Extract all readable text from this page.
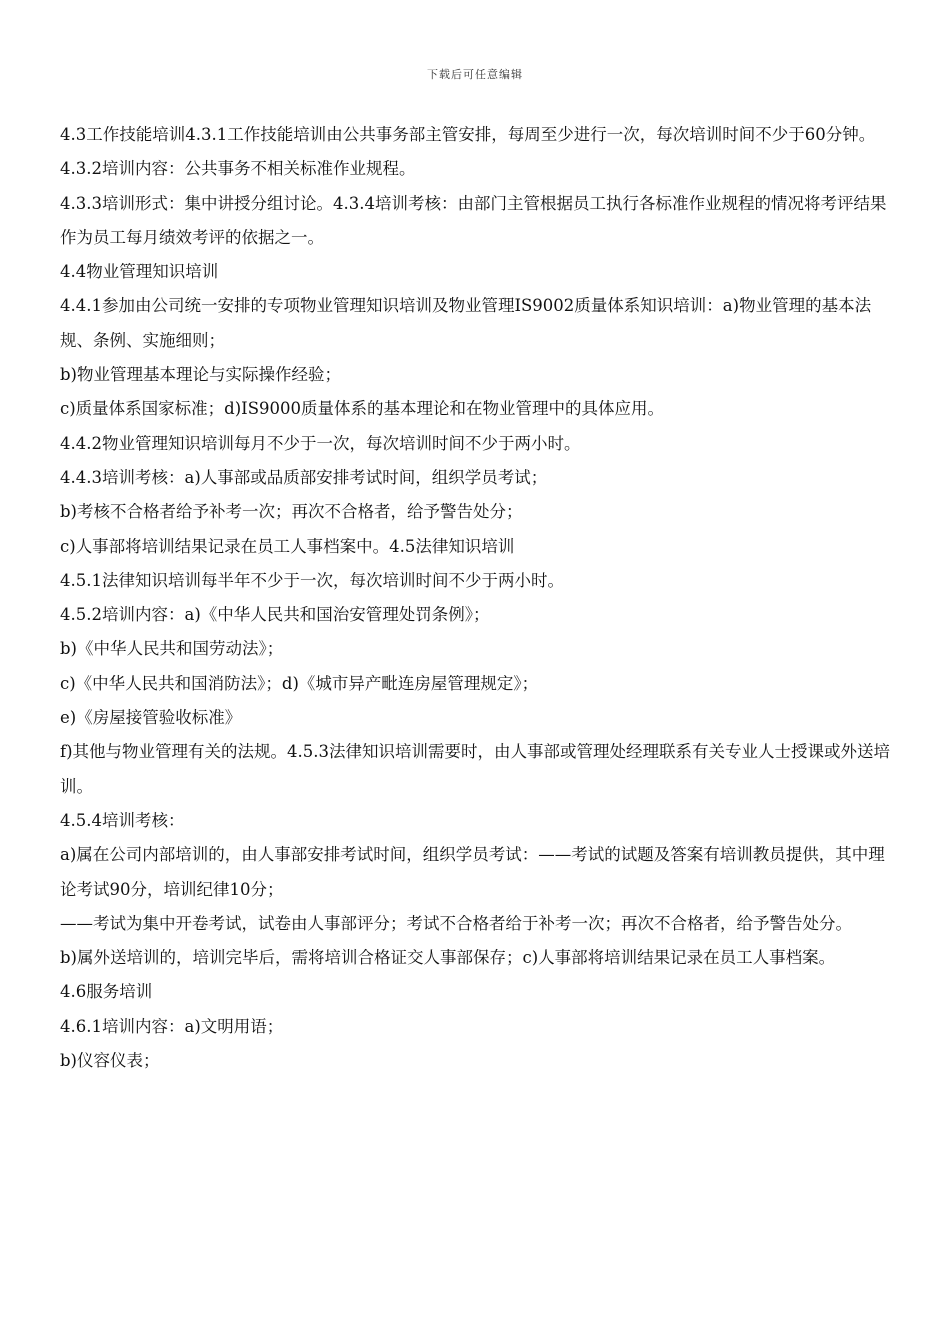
下载后可任意编辑

4.3工作技能培训4.3.1工作技能培训由公共事务部主管安排，每周至少进行一次，每次培训时间不少于60分钟。

4.3.2培训内容：公共事务不相关标准作业规程。

4.3.3培训形式：集中讲授分组讨论。4.3.4培训考核：由部门主管根据员工执行各标准作业规程的情况将考评结果作为员工每月绩效考评的依据之一。

4.4物业管理知识培训

4.4.1参加由公司统一安排的专项物业管理知识培训及物业管理IS9002质量体系知识培训：a)物业管理的基本法规、条例、实施细则；

b)物业管理基本理论与实际操作经验；

c)质量体系国家标准；d)IS9000质量体系的基本理论和在物业管理中的具体应用。

4.4.2物业管理知识培训每月不少于一次，每次培训时间不少于两小时。

4.4.3培训考核：a)人事部或品质部安排考试时间，组织学员考试；

b)考核不合格者给予补考一次；再次不合格者，给予警告处分；

c)人事部将培训结果记录在员工人事档案中。4.5法律知识培训

4.5.1法律知识培训每半年不少于一次，每次培训时间不少于两小时。

4.5.2培训内容：a)《中华人民共和国治安管理处罚条例》；

b)《中华人民共和国劳动法》；

c)《中华人民共和国消防法》；d)《城市异产毗连房屋管理规定》；

e)《房屋接管验收标准》

f)其他与物业管理有关的法规。4.5.3法律知识培训需要时，由人事部或管理处经理联系有关专业人士授课或外送培训。

4.5.4培训考核：

a)属在公司内部培训的，由人事部安排考试时间，组织学员考试：——考试的试题及答案有培训教员提供，其中理论考试90分，培训纪律10分；

——考试为集中开卷考试，试卷由人事部评分；考试不合格者给于补考一次；再次不合格者，给予警告处分。

b)属外送培训的，培训完毕后，需将培训合格证交人事部保存；c)人事部将培训结果记录在员工人事档案。

4.6服务培训

4.6.1培训内容：a)文明用语；

b)仪容仪表；
